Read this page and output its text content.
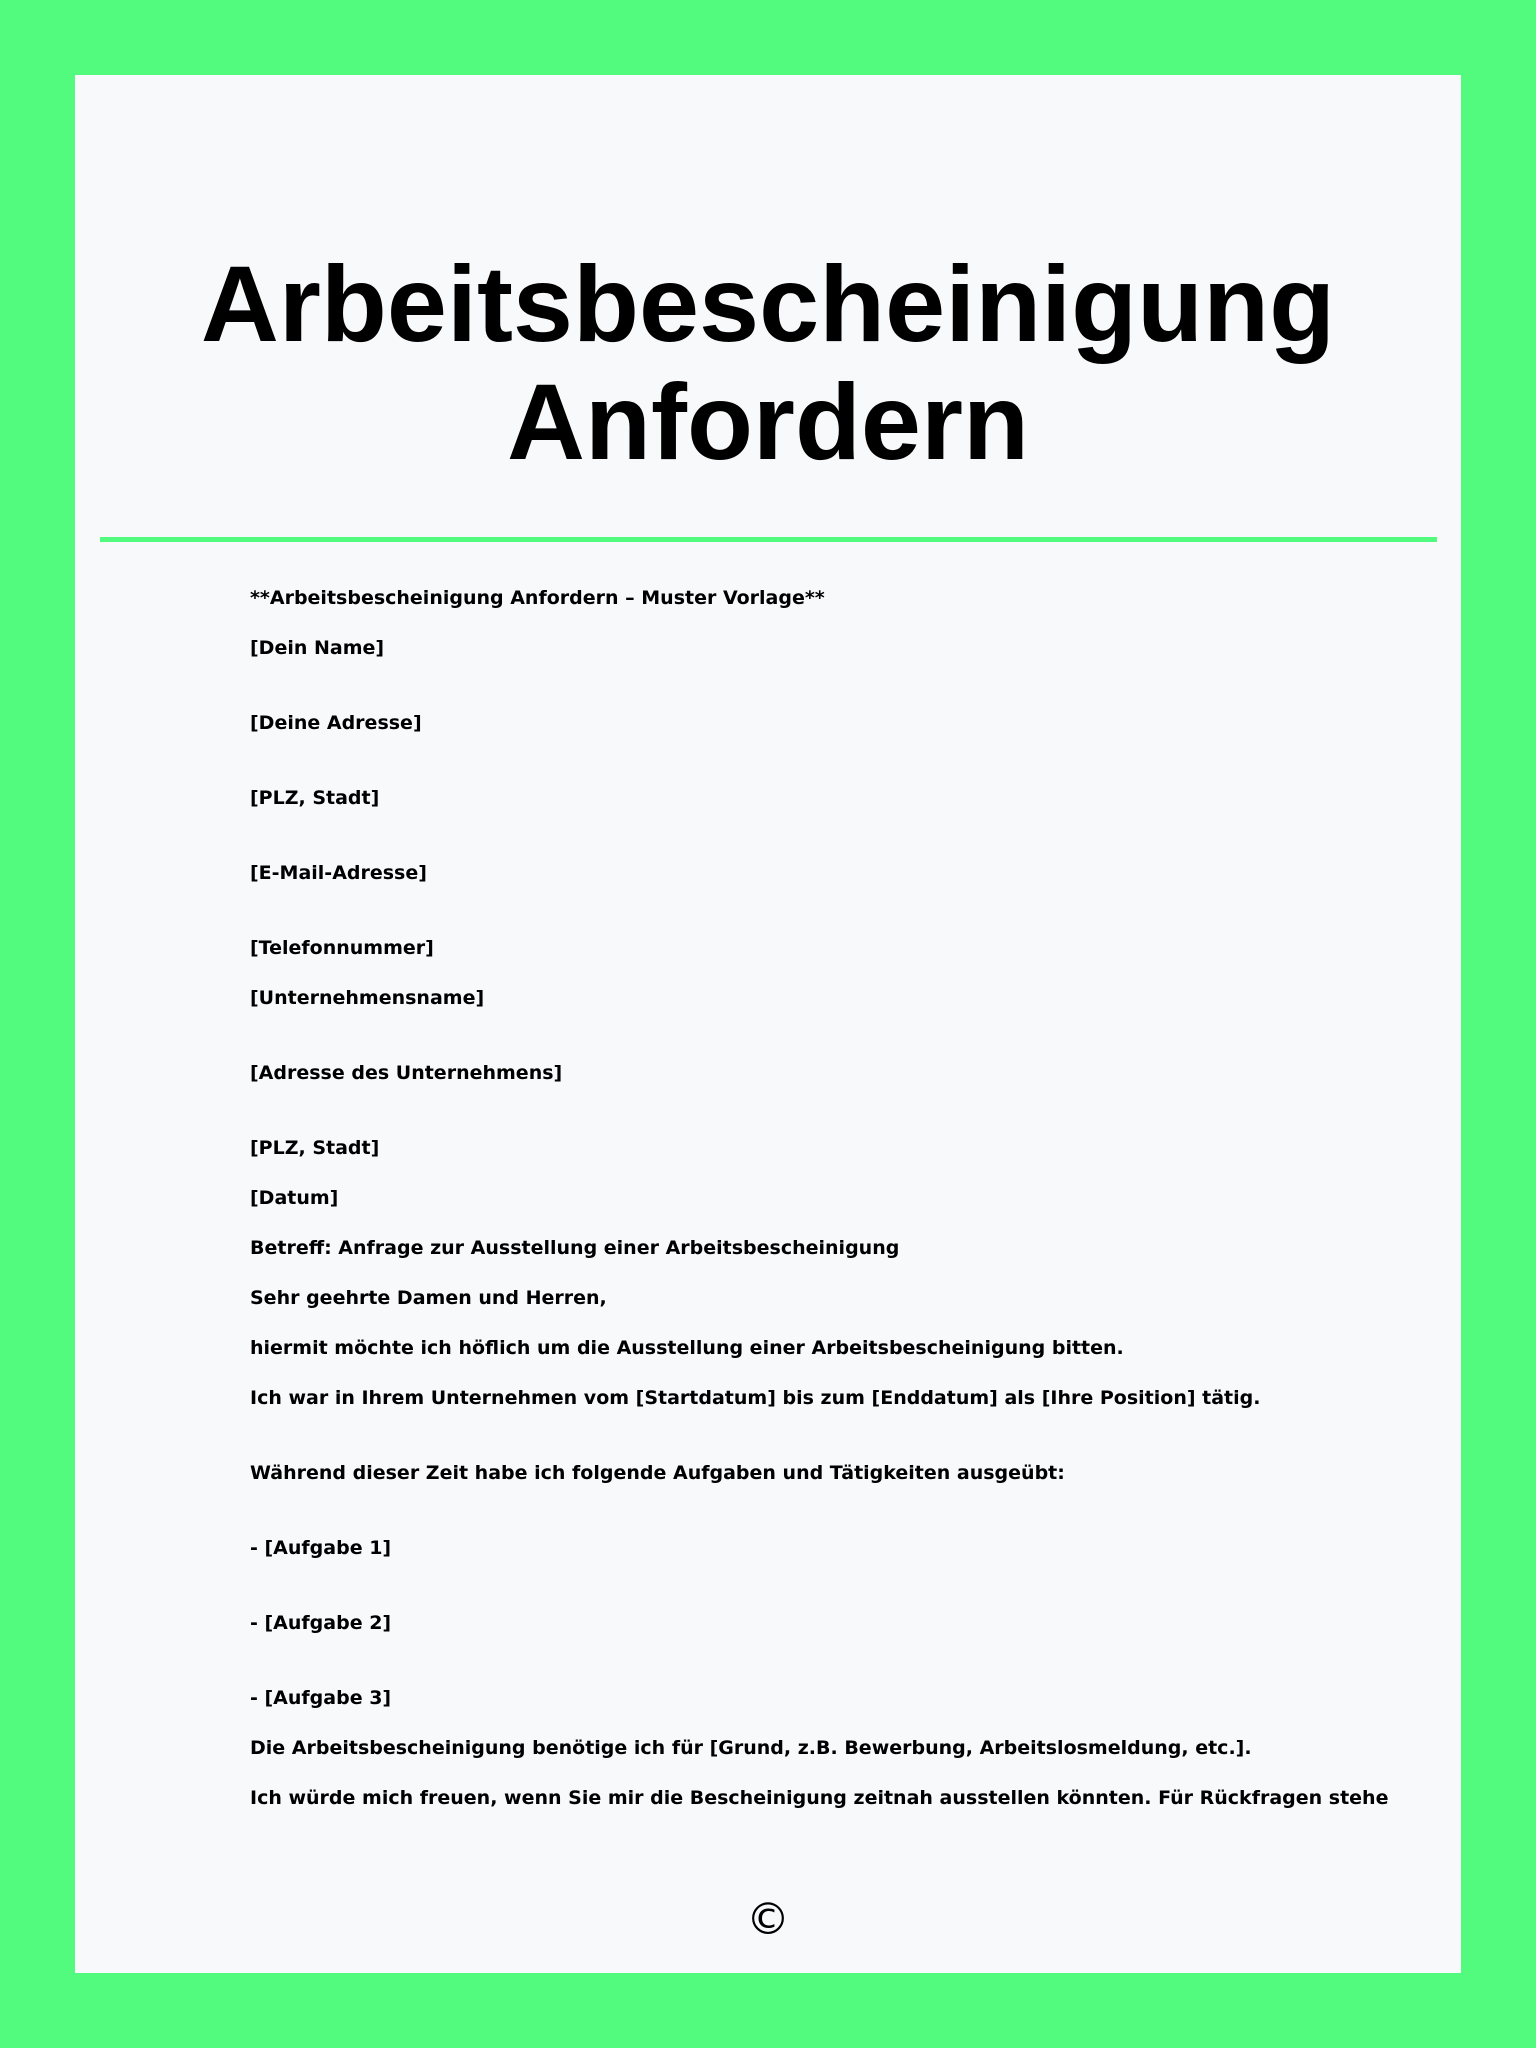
Arbeitsbescheinigung
Anfordern
**Arbeitsbescheinigung Anfordern – Muster Vorlage**
[Dein Name]
[Deine Adresse]
[PLZ, Stadt]
[E-Mail-Adresse]
[Telefonnummer]
[Unternehmensname]
[Adresse des Unternehmens]
[PLZ, Stadt]
[Datum]
Betreff: Anfrage zur Ausstellung einer Arbeitsbescheinigung
Sehr geehrte Damen und Herren,
hiermit möchte ich höflich um die Ausstellung einer Arbeitsbescheinigung bitten.
Ich war in Ihrem Unternehmen vom [Startdatum] bis zum [Enddatum] als [Ihre Position] tätig.
Während dieser Zeit habe ich folgende Aufgaben und Tätigkeiten ausgeübt:
- [Aufgabe 1]
- [Aufgabe 2]
- [Aufgabe 3]
Die Arbeitsbescheinigung benötige ich für [Grund, z.B. Bewerbung, Arbeitslosmeldung, etc.].
Ich würde mich freuen, wenn Sie mir die Bescheinigung zeitnah ausstellen könnten. Für Rückfragen stehe
©
